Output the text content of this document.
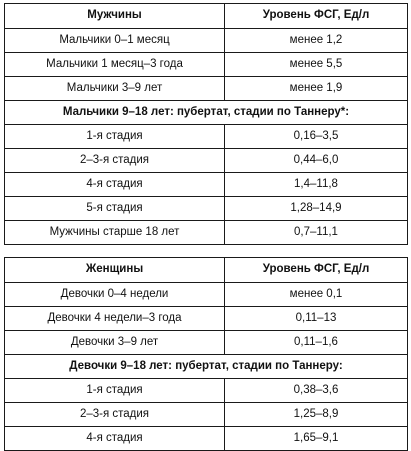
Мужчины	Уровень ФСГ, Ед/л
Мальчики 0–1 месяц	менее 1,2
Мальчики 1 месяц–3 года	менее 5,5
Мальчики 3–9 лет	менее 1,9
Мальчики 9–18 лет: пубертат, стадии по Таннеру*:	
1-я стадия	0,16–3,5
2–3-я стадия	0,44–6,0
4-я стадия	1,4–11,8
5-я стадия	1,28–14,9
Мужчины старше 18 лет	0,7–11,1
Женщины	Уровень ФСГ, Ед/л
Девочки 0–4 недели	менее 0,1
Девочки 4 недели–3 года	0,11–13
Девочки 3–9 лет	0,11–1,6
Девочки 9–18 лет: пубертат, стадии по Таннеру:	
1-я стадия	0,38–3,6
2–3-я стадия	1,25–8,9
4-я стадия	1,65–9,1
